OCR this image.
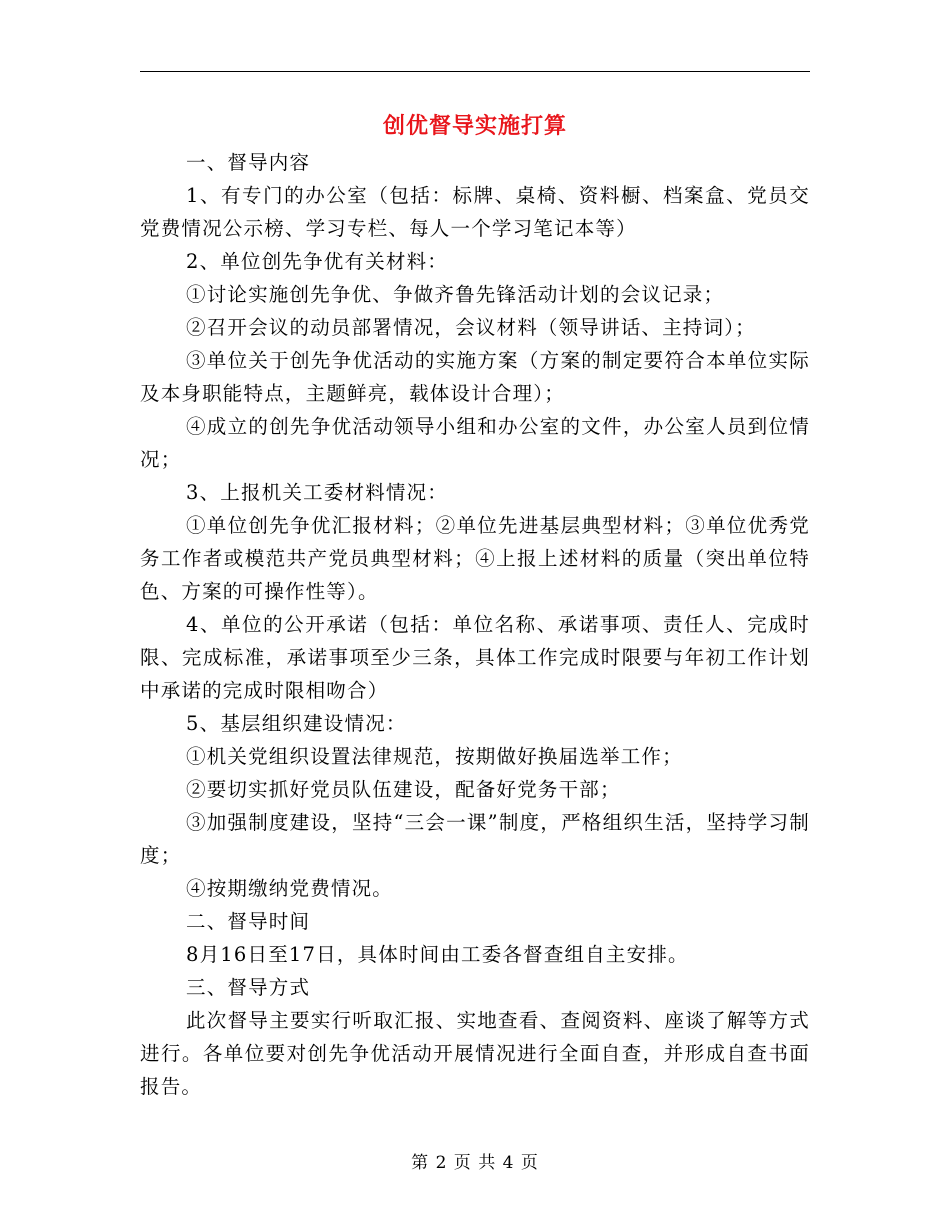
创优督导实施打算

一、督导内容

1、有专门的办公室（包括：标牌、桌椅、资料橱、档案盒、党员交党费情况公示榜、学习专栏、每人一个学习笔记本等）

2、单位创先争优有关材料：

①讨论实施创先争优、争做齐鲁先锋活动计划的会议记录；

②召开会议的动员部署情况，会议材料（领导讲话、主持词）；

③单位关于创先争优活动的实施方案（方案的制定要符合本单位实际及本身职能特点，主题鲜亮，载体设计合理）；

④成立的创先争优活动领导小组和办公室的文件，办公室人员到位情况；

3、上报机关工委材料情况：

①单位创先争优汇报材料；②单位先进基层典型材料；③单位优秀党务工作者或模范共产党员典型材料；④上报上述材料的质量（突出单位特色、方案的可操作性等）。

4、单位的公开承诺（包括：单位名称、承诺事项、责任人、完成时限、完成标准，承诺事项至少三条，具体工作完成时限要与年初工作计划中承诺的完成时限相吻合）

5、基层组织建设情况：

①机关党组织设置法律规范，按期做好换届选举工作；

②要切实抓好党员队伍建设，配备好党务干部；

③加强制度建设，坚持“三会一课”制度，严格组织生活，坚持学习制度；

④按期缴纳党费情况。

二、督导时间

8月16日至17日，具体时间由工委各督查组自主安排。

三、督导方式

此次督导主要实行听取汇报、实地查看、查阅资料、座谈了解等方式进行。各单位要对创先争优活动开展情况进行全面自查，并形成自查书面报告。

第 2 页 共 4 页
